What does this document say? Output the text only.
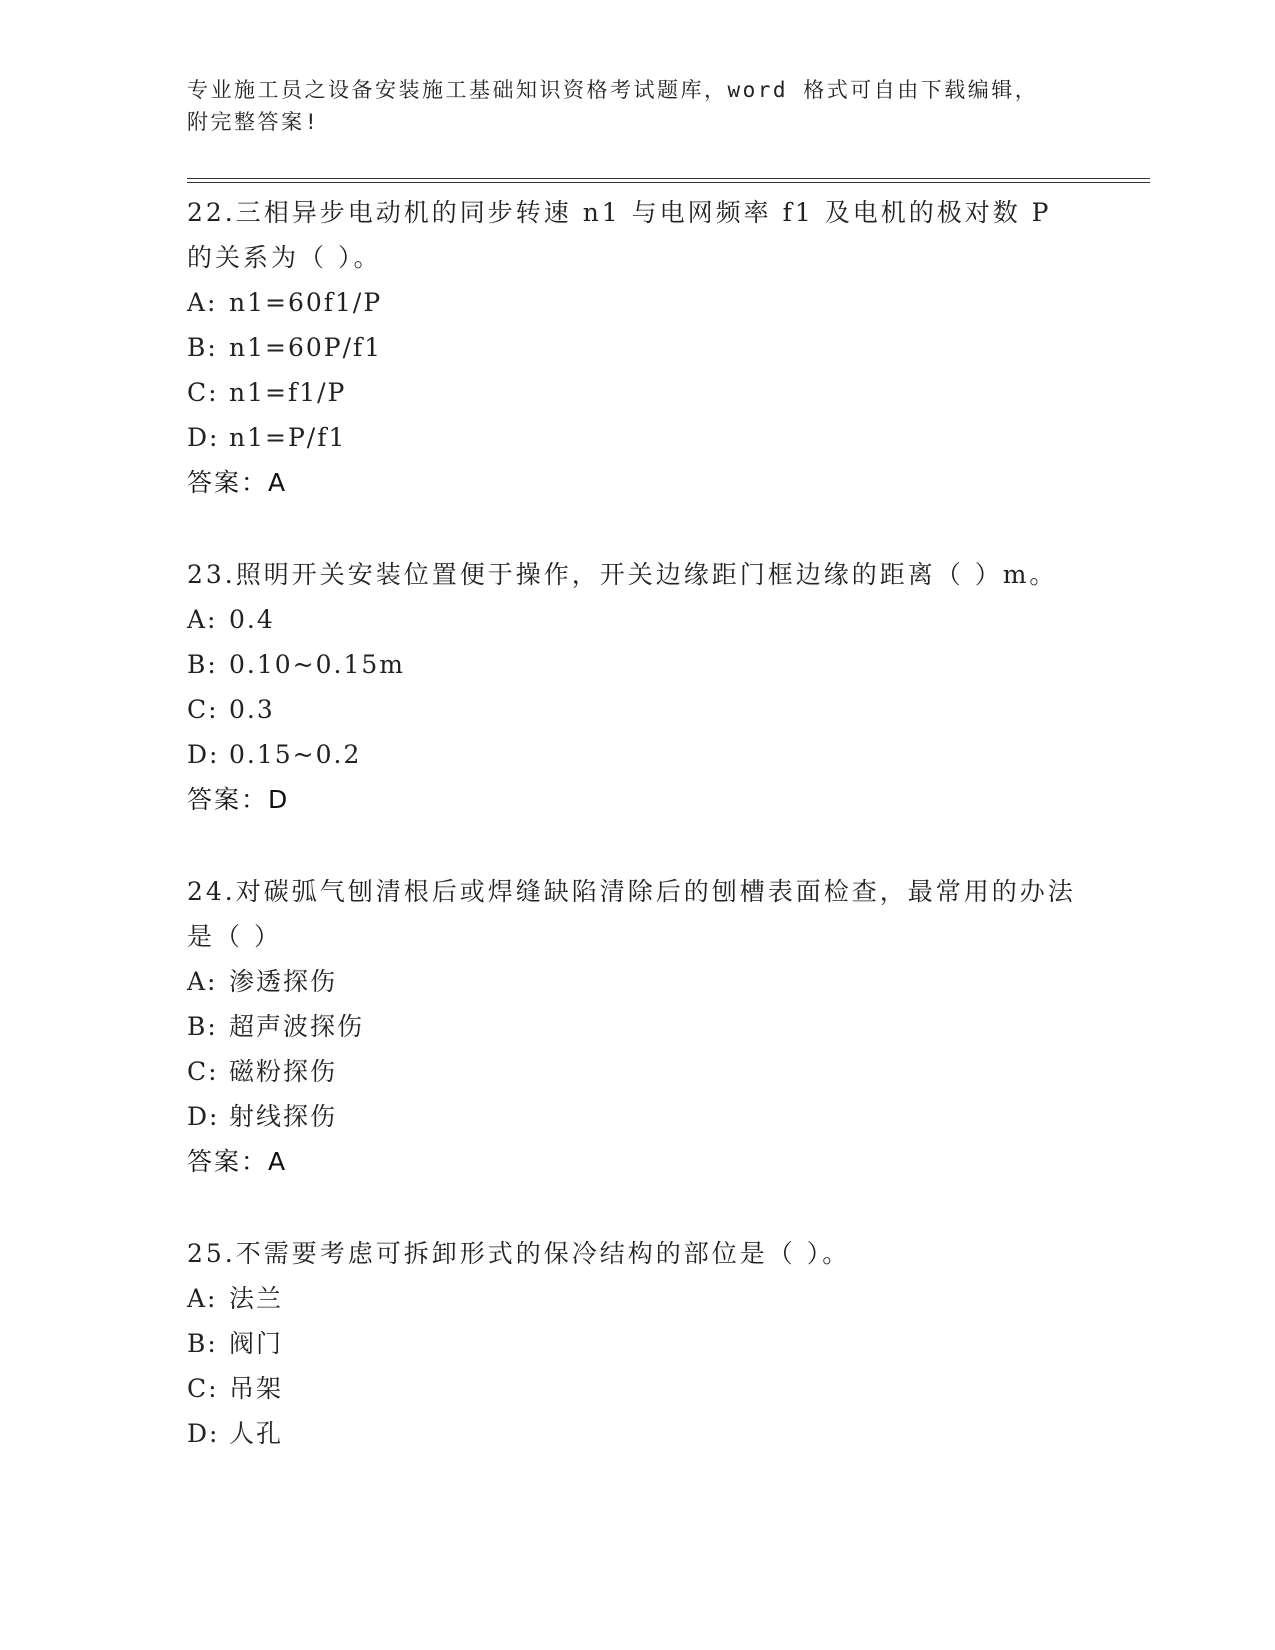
专业施工员之设备安装施工基础知识资格考试题库，word 格式可自由下载编辑，
附完整答案!

22.三相异步电动机的同步转速 n1 与电网频率 f1 及电机的极对数 P 的关系为（ ）。

A: n1=60f1/P

B: n1=60P/f1

C: n1=f1/P

D: n1=P/f1

答案：A

23.照明开关安装位置便于操作，开关边缘距门框边缘的距离（ ）m。

A: 0.4

B: 0.10~0.15m

C: 0.3

D: 0.15~0.2

答案：D

24.对碳弧气刨清根后或焊缝缺陷清除后的刨槽表面检查，最常用的办法是（ ）

A: 渗透探伤

B: 超声波探伤

C: 磁粉探伤

D: 射线探伤

答案：A

25.不需要考虑可拆卸形式的保冷结构的部位是（ ）。

A: 法兰

B: 阀门

C: 吊架

D: 人孔
